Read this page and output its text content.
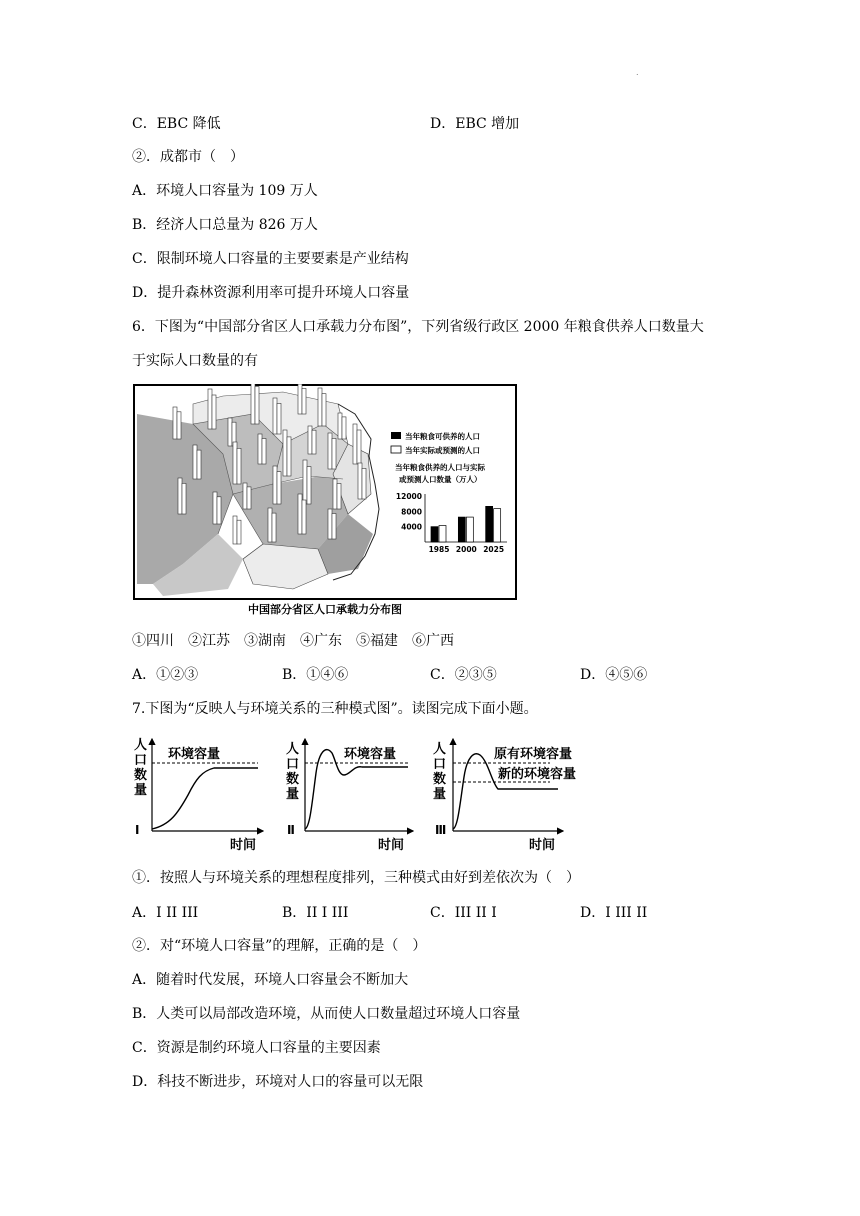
.
C．EBC 降低	D．EBC 增加
②．成都市（　）
A．环境人口容量为 109 万人
B．经济人口总量为 826 万人
C．限制环境人口容量的主要要素是产业结构
D．提升森林资源利用率可提升环境人口容量
6．下图为“中国部分省区人口承载力分布图”，下列省级行政区 2000 年粮食供养人口数量大
于实际人口数量的有
当年粮食可供养的人口
当年实际或预测的人口
当年粮食供养的人口与实际
或预测人口数量（万人）
12000
8000
4000
1985 2000 2025
中国部分省区人口承载力分布图
①四川　②江苏　③湖南　④广东　⑤福建　⑥广西
A．①②③	B．①④⑥	C．②③⑤	D．④⑤⑥
7.下图为“反映人与环境关系的三种模式图”。读图完成下面小题。
人
口
数
量
Ⅰ
时间
环境容量	人
口
数
量
Ⅱ
时间
环境容量	人
口
数
量
Ⅲ
时间
原有环境容量
新的环境容量
①．按照人与环境关系的理想程度排列，三种模式由好到差依次为（　）
A．I II III	B．II I III	C．III II I	D．I III II
②．对“环境人口容量”的理解，正确的是（　）
A．随着时代发展，环境人口容量会不断加大
B．人类可以局部改造环境，从而使人口数量超过环境人口容量
C．资源是制约环境人口容量的主要因素
D．科技不断进步，环境对人口的容量可以无限
